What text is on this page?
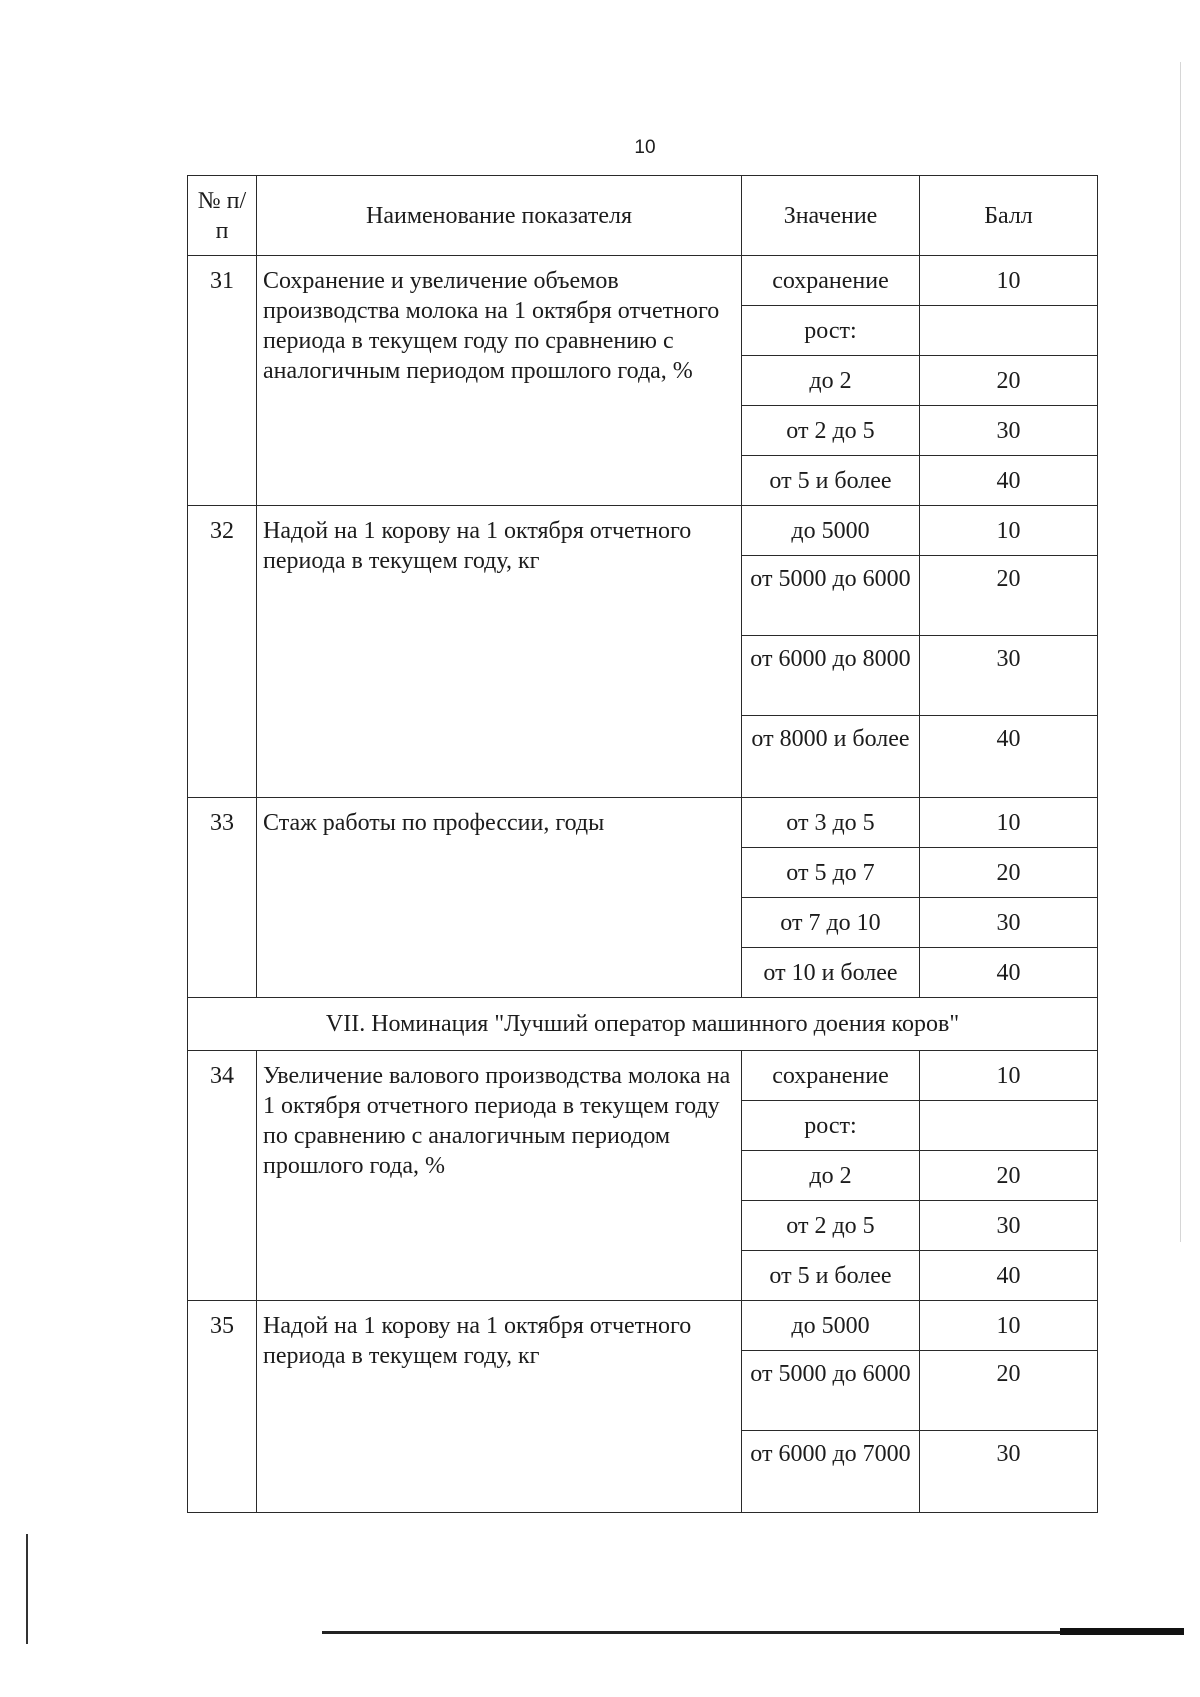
10
№ п/п	Наименование показателя	Значение	Балл
31	Сохранение и увеличение объемов производства молока на 1 октября отчетного периода в текущем году по сравнению с аналогичным периодом прошлого года, %	сохранение	10
		рост:	
		до 2	20
		от 2 до 5	30
		от 5 и более	40
32	Надой на 1 корову на 1 октября отчетного периода в текущем году, кг	до 5000	10
		от 5000 до 6000	20
		от 6000 до 8000	30
		от 8000 и более	40
33	Стаж работы по профессии, годы	от 3 до 5	10
		от 5 до 7	20
		от 7 до 10	30
		от 10 и более	40
VII. Номинация "Лучший оператор машинного доения коров"			
34	Увеличение валового производства молока на 1 октября отчетного периода в текущем году по сравнению с аналогичным периодом прошлого года, %	сохранение	10
		рост:	
		до 2	20
		от 2 до 5	30
		от 5 и более	40
35	Надой на 1 корову на 1 октября отчетного периода в текущем году, кг	до 5000	10
		от 5000 до 6000	20
		от 6000 до 7000	30
